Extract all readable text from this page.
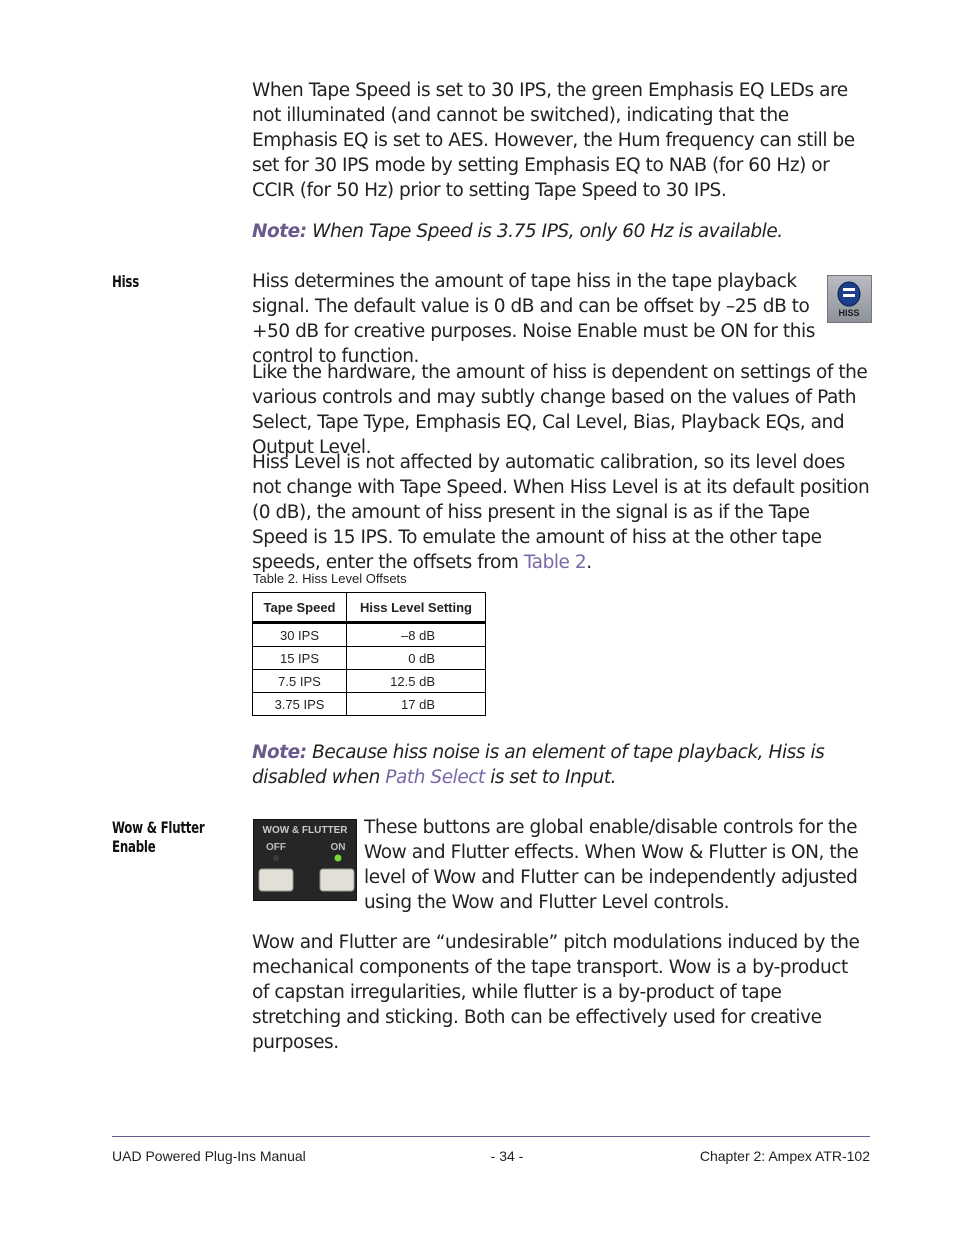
When Tape Speed is set to 30 IPS, the green Emphasis EQ LEDs are not illuminated (and cannot be switched), indicating that the Emphasis EQ is set to AES. However, the Hum frequency can still be set for 30 IPS mode by setting Emphasis EQ to NAB (for 60 Hz) or CCIR (for 50 Hz) prior to setting Tape Speed to 30 IPS.

Note: When Tape Speed is 3.75 IPS, only 60 Hz is available.

Hiss	Hiss determines the amount of tape hiss in the tape playback signal. The default value is 0 dB and can be offset by –25 dB to +50 dB for creative purposes. Noise Enable must be ON for this control to function.

HISS

Like the hardware, the amount of hiss is dependent on settings of the various controls and may subtly change based on the values of Path Select, Tape Type, Emphasis EQ, Cal Level, Bias, Playback EQs, and Output Level.

Hiss Level is not affected by automatic calibration, so its level does not change with Tape Speed. When Hiss Level is at its default position (0 dB), the amount of hiss present in the signal is as if the Tape Speed is 15 IPS. To emulate the amount of hiss at the other tape speeds, enter the offsets from Table 2.

Table 2. Hiss Level Offsets
Tape Speed	Hiss Level Setting
30 IPS	–8 dB
15 IPS	0 dB
7.5 IPS	12.5 dB
3.75 IPS	17 dB

Note: Because hiss noise is an element of tape playback, Hiss is disabled when Path Select is set to Input.

Wow & Flutter Enable
WOW & FLUTTER
OFF	ON

These buttons are global enable/disable controls for the Wow and Flutter effects. When Wow & Flutter is ON, the level of Wow and Flutter can be independently adjusted using the Wow and Flutter Level controls.

Wow and Flutter are “undesirable” pitch modulations induced by the mechanical components of the tape transport. Wow is a by-product of capstan irregularities, while flutter is a by-product of tape stretching and sticking. Both can be effectively used for creative purposes.

UAD Powered Plug-Ins Manual	- 34 -	Chapter 2: Ampex ATR-102
